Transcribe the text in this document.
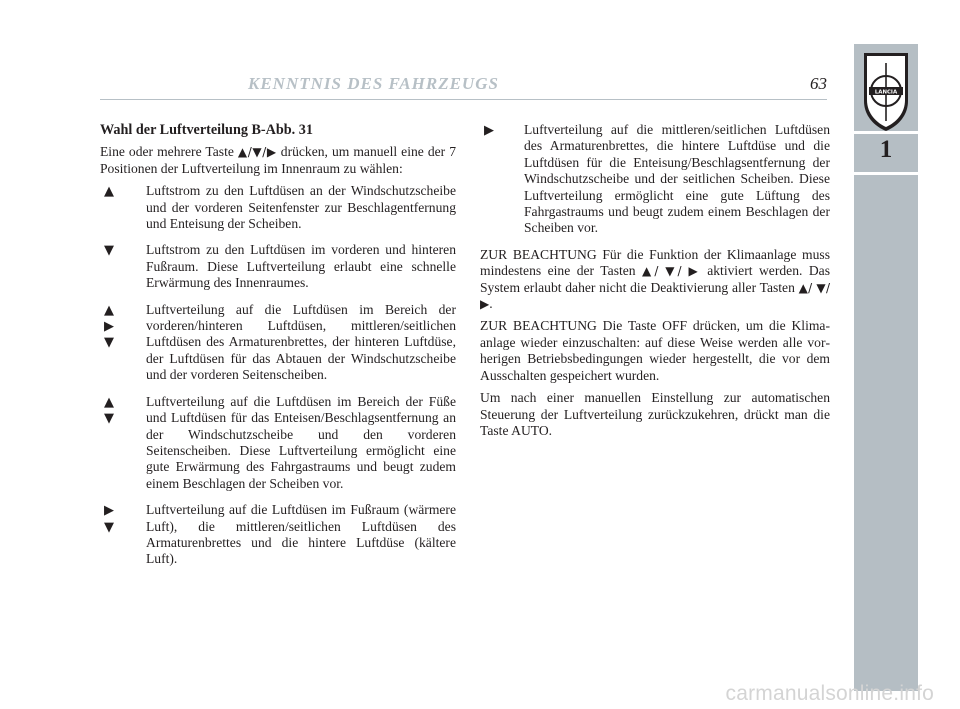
KENNTNIS DES FAHRZEUGS	63	LANCIA
1
Wahl der Luftverteilung B-Abb. 31

Eine oder mehrere Taste ▲/▼/▶ drücken, um manuell eine der 7 Positionen der Luftverteilung im Innenraum zu wählen:

▲ Luftstrom zu den Luftdüsen an der Windschutzscheibe und der vorderen Seitenfenster zur Beschlagentfernung und Enteisung der Scheiben.

▼ Luftstrom zu den Luftdüsen im vorderen und hinteren Fußraum. Diese Luftverteilung erlaubt eine schnelle Erwärmung des Innenraumes.

▲
▶
▼

Luftverteilung auf die Luftdüsen im Bereich der vorderen/hinteren Luftdüsen, mittleren/seitlichen Luftdüsen des Armaturenbrettes, der hinteren Luftdüse, der Luftdüsen für das Abtauen der Windschutzscheibe und der vorderen Seitenscheiben.

▲
▼

Luftverteilung auf die Luftdüsen im Bereich der Füße und Luftdüsen für das Enteisen/Beschlagsentfernung an der Windschutzscheibe und den vorderen Seitenscheiben. Diese Luftverteilung ermöglicht eine gute Erwärmung des Fahrgastraums und beugt zudem einem Beschlagen der Scheiben vor.

▶
▼

Luftverteilung auf die Luftdüsen im Fußraum (wärmere Luft), die mittleren/seitlichen Luftdüsen des Armaturenbrettes und die hintere Luftdüse (kältere Luft).

▶ Luftverteilung auf die mittleren/seitlichen Luftdüsen des Armaturenbrettes, die hintere Luftdüse und die Luftdüsen für die Enteisung/Beschlagsentfernung der Windschutzscheibe und der seitlichen Scheiben. Diese Luftverteilung ermöglicht eine gute Lüftung des Fahrgastraums und beugt zudem einem Beschlagen der Scheiben vor.

ZUR BEACHTUNG Für die Funktion der Klimaanlage muss mindestens eine der Tasten ▲/ ▼/ ▶ aktiviert werden. Das System erlaubt daher nicht die Deaktivierung aller Tasten ▲/ ▼/ ▶.

ZUR BEACHTUNG Die Taste OFF drücken, um die Klimaanlage wieder einzuschalten: auf diese Weise werden alle vorherigen Betriebsbedingungen wieder hergestellt, die vor dem Ausschalten gespeichert wurden.

Um nach einer manuellen Einstellung zur automatischen Steuerung der Luftverteilung zurückzukehren, drückt man die Taste AUTO.

carmanualsonline.info
